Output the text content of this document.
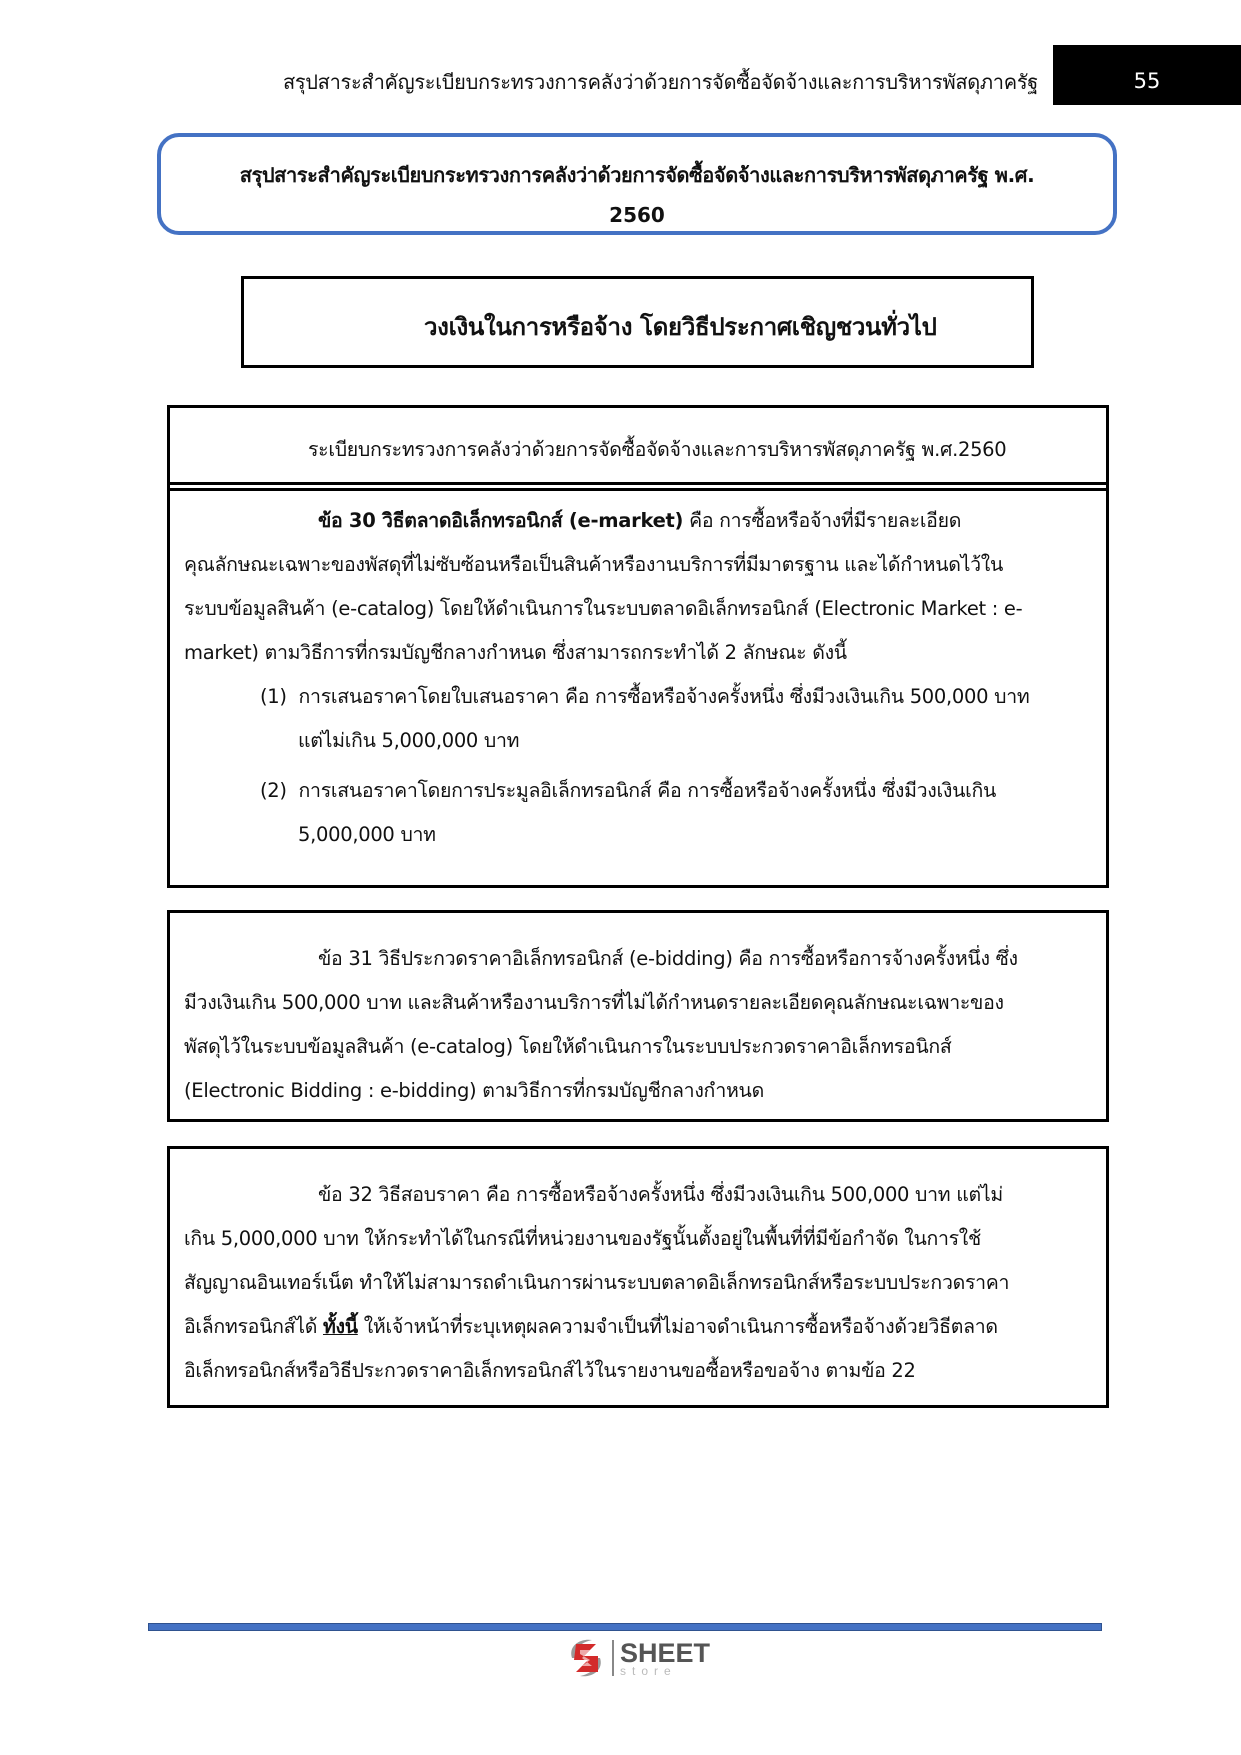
สรุปสาระสำคัญระเบียบกระทรวงการคลังว่าด้วยการจัดซื้อจัดจ้างและการบริหารพัสดุภาครัฐ	55
สรุปสาระสำคัญระเบียบกระทรวงการคลังว่าด้วยการจัดซื้อจัดจ้างและการบริหารพัสดุภาครัฐ พ.ศ.
2560
วงเงินในการหรือจ้าง โดยวิธีประกาศเชิญชวนทั่วไป
ระเบียบกระทรวงการคลังว่าด้วยการจัดซื้อจัดจ้างและการบริหารพัสดุภาครัฐ พ.ศ.2560
ข้อ 30 วิธีตลาดอิเล็กทรอนิกส์ (e-market) คือ การซื้อหรือจ้างที่มีรายละเอียด
คุณลักษณะเฉพาะของพัสดุที่ไม่ซับซ้อนหรือเป็นสินค้าหรืองานบริการที่มีมาตรฐาน และได้กำหนดไว้ใน
ระบบข้อมูลสินค้า (e-catalog) โดยให้ดำเนินการในระบบตลาดอิเล็กทรอนิกส์ (Electronic Market : e-
market) ตามวิธีการที่กรมบัญชีกลางกำหนด ซึ่งสามารถกระทำได้ 2 ลักษณะ ดังนี้
(1) การเสนอราคาโดยใบเสนอราคา คือ การซื้อหรือจ้างครั้งหนึ่ง ซึ่งมีวงเงินเกิน 500,000 บาท
แต่ไม่เกิน 5,000,000 บาท
(2) การเสนอราคาโดยการประมูลอิเล็กทรอนิกส์ คือ การซื้อหรือจ้างครั้งหนึ่ง ซึ่งมีวงเงินเกิน
5,000,000 บาท
ข้อ 31 วิธีประกวดราคาอิเล็กทรอนิกส์ (e-bidding) คือ การซื้อหรือการจ้างครั้งหนึ่ง ซึ่ง
มีวงเงินเกิน 500,000 บาท และสินค้าหรืองานบริการที่ไม่ได้กำหนดรายละเอียดคุณลักษณะเฉพาะของ
พัสดุไว้ในระบบข้อมูลสินค้า (e-catalog) โดยให้ดำเนินการในระบบประกวดราคาอิเล็กทรอนิกส์
(Electronic Bidding : e-bidding) ตามวิธีการที่กรมบัญชีกลางกำหนด
ข้อ 32 วิธีสอบราคา คือ การซื้อหรือจ้างครั้งหนึ่ง ซึ่งมีวงเงินเกิน 500,000 บาท แต่ไม่
เกิน 5,000,000 บาท ให้กระทำได้ในกรณีที่หน่วยงานของรัฐนั้นตั้งอยู่ในพื้นที่ที่มีข้อกำจัด ในการใช้
สัญญาณอินเทอร์เน็ต ทำให้ไม่สามารถดำเนินการผ่านระบบตลาดอิเล็กทรอนิกส์หรือระบบประกวดราคา
อิเล็กทรอนิกส์ได้ ทั้งนี้ ให้เจ้าหน้าที่ระบุเหตุผลความจำเป็นที่ไม่อาจดำเนินการซื้อหรือจ้างด้วยวิธีตลาด
อิเล็กทรอนิกส์หรือวิธีประกวดราคาอิเล็กทรอนิกส์ไว้ในรายงานขอซื้อหรือขอจ้าง ตามข้อ 22
SHEET
store
